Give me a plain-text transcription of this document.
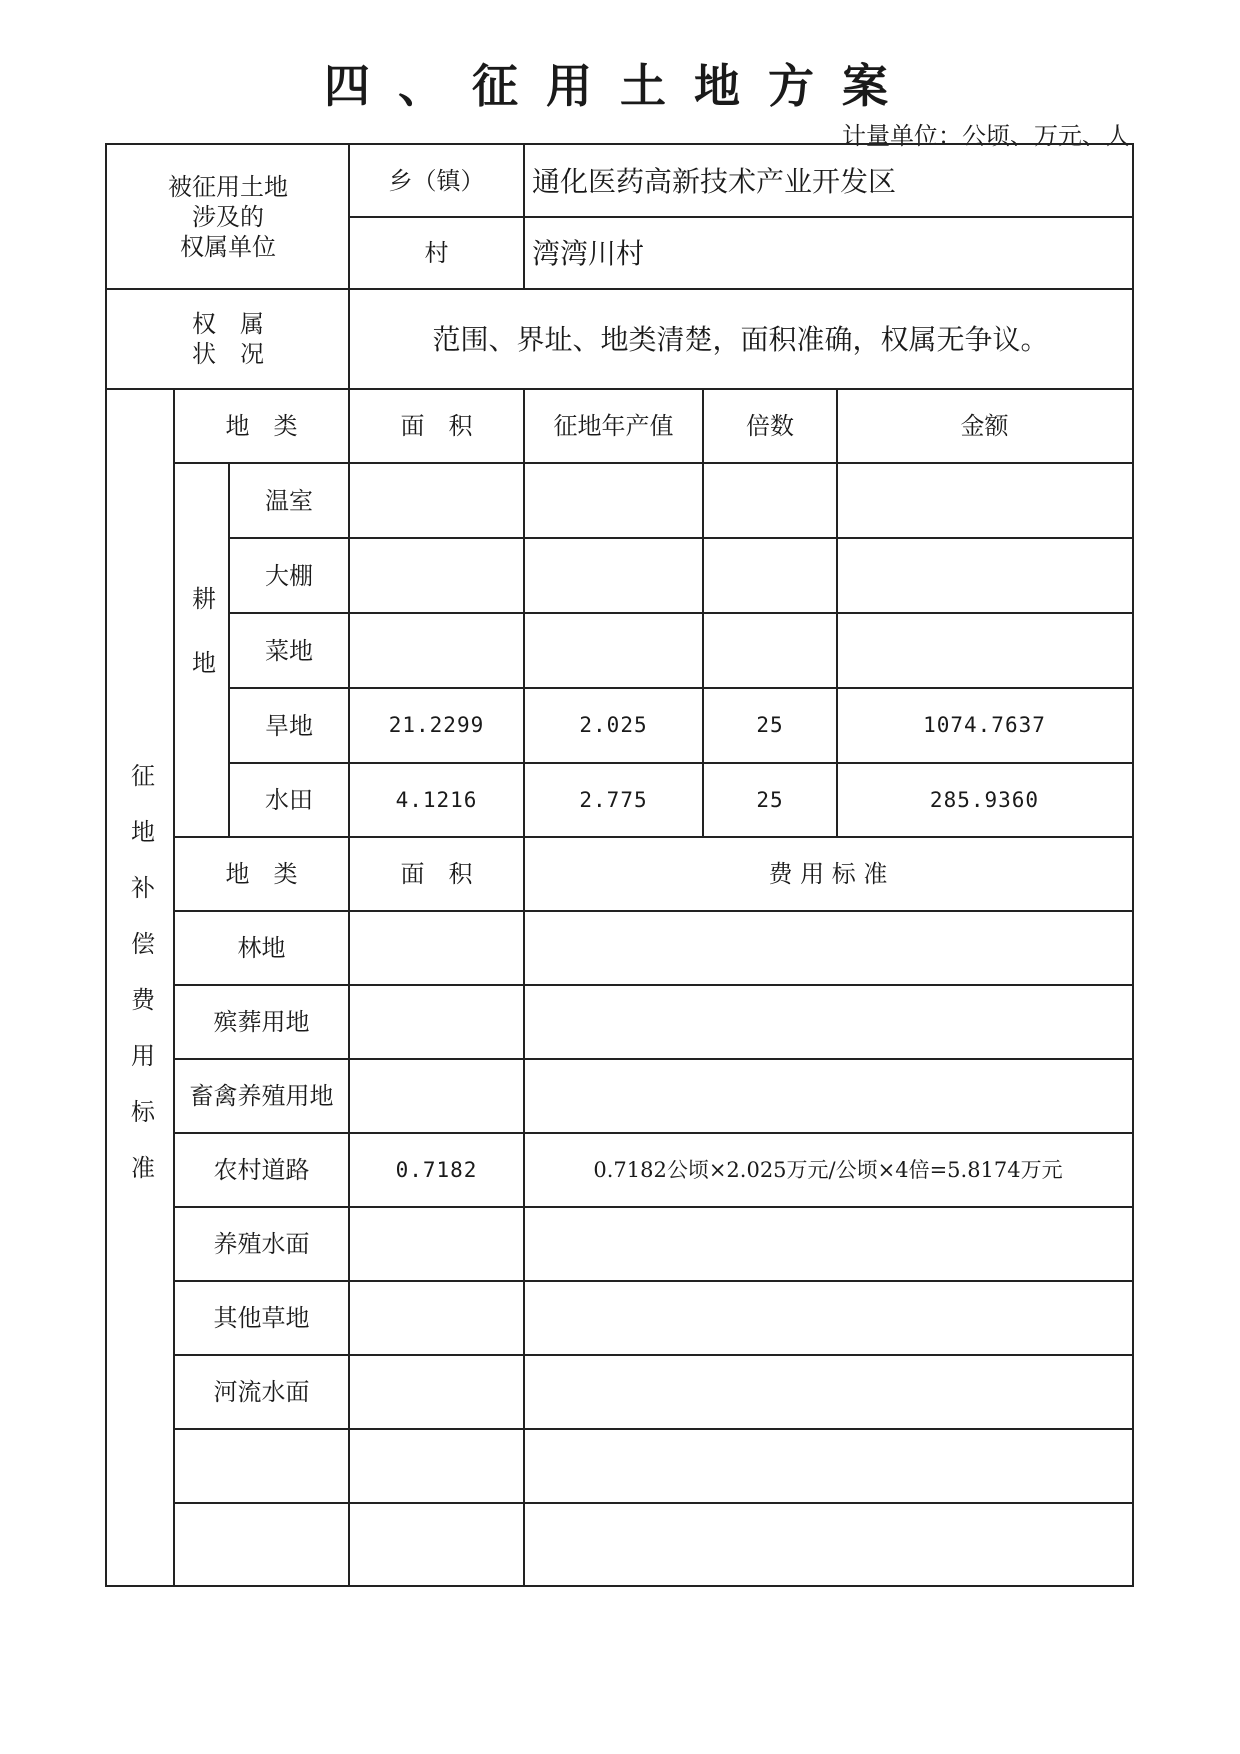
四、征用土地方案
计量单位：公顷、万元、人
被征用土地
涉及的
权属单位
乡（镇）	通化医药高新技术产业开发区
村	湾湾川村
权　属
状　况	范围、界址、地类清楚，面积准确，权属无争议。
征地补偿费用标准
地　类	面　积	征地年产值	倍数	金额
耕地
温室
大棚
菜地
旱地	21.2299	2.025	25	1074.7637
水田	4.1216	2.775	25	285.9360
地　类	面　积	费 用 标 准
林地
殡葬用地
畜禽养殖用地
农村道路	0.7182	0.7182公顷×2.025万元/公顷×4倍=5.8174万元
养殖水面
其他草地
河流水面
